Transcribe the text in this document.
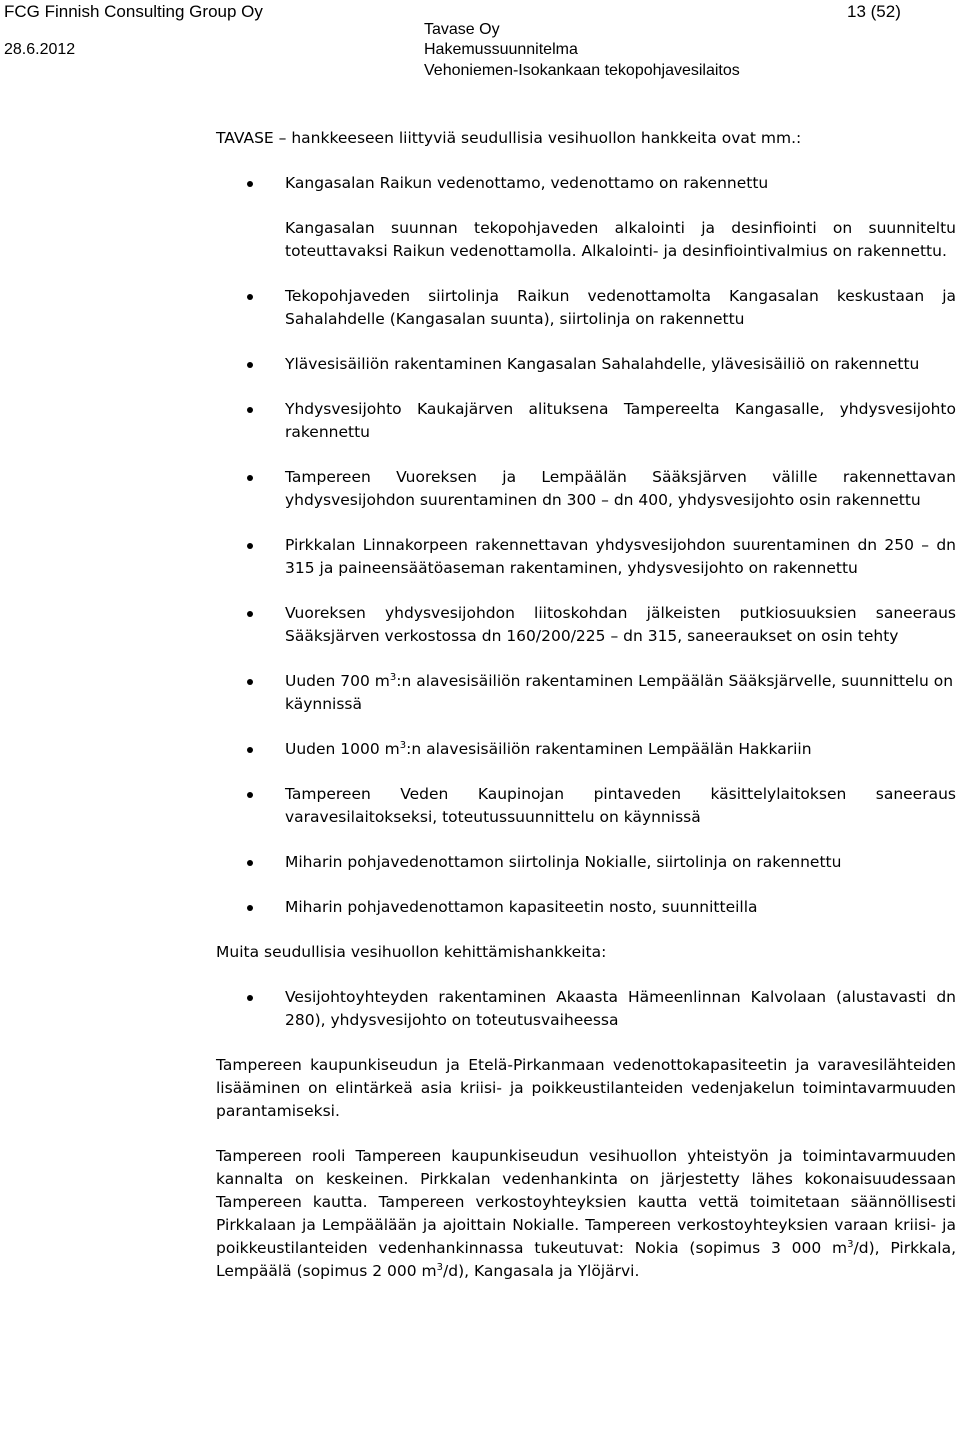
FCG Finnish Consulting Group Oy	13 (52)
28.6.2012
Tavase Oy
Hakemussuunnitelma
Vehoniemen-Isokankaan tekopohjavesilaitos

TAVASE – hankkeeseen liittyviä seudullisia vesihuollon hankkeita ovat mm.:

Kangasalan Raikun vedenottamo, vedenottamo on rakennettu

Kangasalan suunnan tekopohjaveden alkalointi ja desinfiointi on suunniteltu toteuttavaksi Raikun vedenottamolla. Alkalointi- ja desinfiointivalmius on rakennettu.

Tekopohjaveden siirtolinja Raikun vedenottamolta Kangasalan keskustaan ja Sahalahdelle (Kangasalan suunta), siirtolinja on rakennettu
Ylävesisäiliön rakentaminen Kangasalan Sahalahdelle, ylävesisäiliö on rakennettu
Yhdysvesijohto Kaukajärven alituksena Tampereelta Kangasalle, yhdysvesijohto rakennettu
Tampereen Vuoreksen ja Lempäälän Sääksjärven välille rakennettavan yhdysvesijohdon suurentaminen dn 300 – dn 400, yhdysvesijohto osin rakennettu
Pirkkalan Linnakorpeen rakennettavan yhdysvesijohdon suurentaminen dn 250 – dn 315 ja paineensäätöaseman rakentaminen, yhdysvesijohto on rakennettu
Vuoreksen yhdysvesijohdon liitoskohdan jälkeisten putkiosuuksien saneeraus Sääksjärven verkostossa dn 160/200/225 – dn 315, saneeraukset on osin tehty
Uuden 700 $m^3:n$ alavesisäiliön rakentaminen Lempäälän Sääksjärvelle, suunnittelu on käynnissä
Uuden 1000 $m^3:n$ alavesisäiliön rakentaminen Lempäälän Hakkariin
Tampereen Veden Kaupinojan pintaveden käsittelylaitoksen saneeraus varavesilaitokseksi, toteutussuunnittelu on käynnissä
Miharin pohjavedenottamon siirtolinja Nokialle, siirtolinja on rakennettu
Miharin pohjavedenottamon kapasiteetin nosto, suunnitteilla

Muita seudullisia vesihuollon kehittämishankkeita:

Vesijohtoyhteyden rakentaminen Akaasta Hämeenlinnan Kalvolaan (alustavasti dn 280), yhdysvesijohto on toteutusvaiheessa

Tampereen kaupunkiseudun ja Etelä-Pirkanmaan vedenottokapasiteetin ja varavesilähteiden lisääminen on elintärkeä asia kriisi- ja poikkeustilanteiden vedenjakelun toimintavarmuuden parantamiseksi.

Tampereen rooli Tampereen kaupunkiseudun vesihuollon yhteistyön ja toimintavarmuuden kannalta on keskeinen. Pirkkalan vedenhankinta on järjestetty lähes kokonaisuudessaan Tampereen kautta. Tampereen verkostoyhteyksien kautta vettä toimitetaan säännöllisesti Pirkkalaan ja Lempäälään ja ajoittain Nokialle. Tampereen verkostoyhteyksien varaan kriisi- ja poikkeustilanteiden vedenhankinnassa tukeutuvat: Nokia (sopimus 3 000 $m^3/d$), Pirkkala, Lempäälä (sopimus 2 000 $m^3/d$), Kangasala ja Ylöjärvi.
